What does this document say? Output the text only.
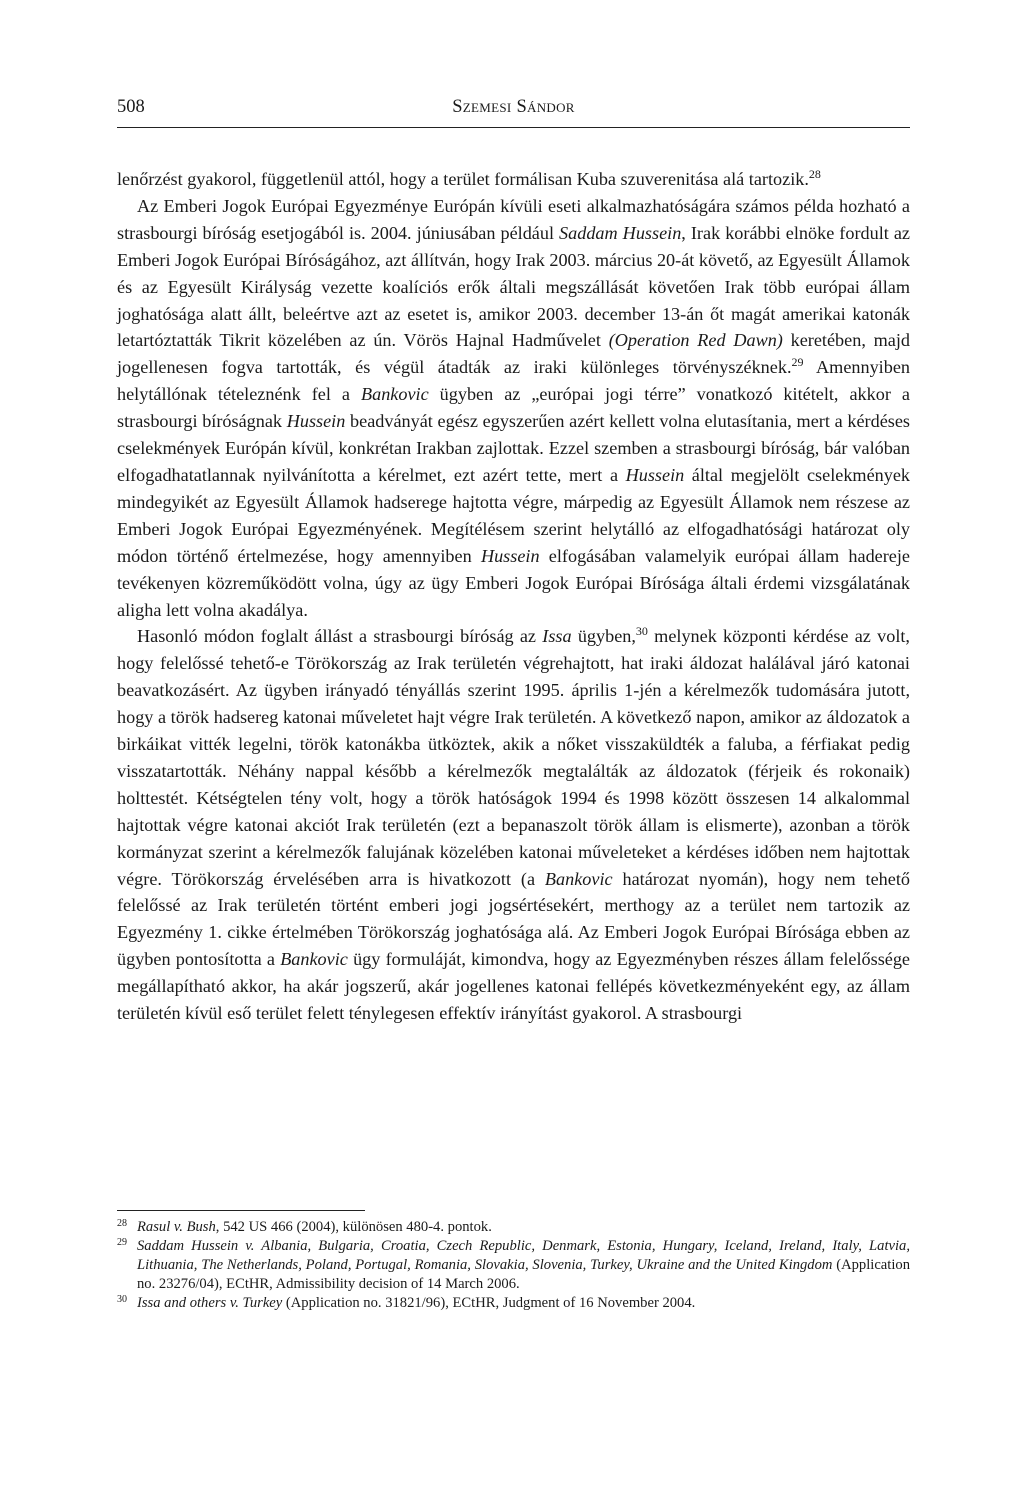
508	Szemesi Sándor

lenőrzést gyakorol, függetlenül attól, hogy a terület formálisan Kuba szuverenitása alá tartozik.$^{28}$

Az Emberi Jogok Európai Egyezménye Európán kívüli eseti alkalmazhatóságára számos példa hozható a strasbourgi bíróság esetjogából is. 2004. júniusában például Saddam Hussein, Irak korábbi elnöke fordult az Emberi Jogok Európai Bíróságához, azt állítván, hogy Irak 2003. március 20-át követő, az Egyesült Államok és az Egyesült Királyság vezette koalíciós erők általi megszállását követően Irak több európai állam joghatósága alatt állt, beleértve azt az esetet is, amikor 2003. december 13-án őt magát amerikai katonák letartóztatták Tikrit közelében az ún. Vörös Hajnal Hadművelet (Operation Red Dawn) keretében, majd jogellenesen fogva tartották, és végül átadták az iraki különleges törvényszéknek.$^{29}$ Amennyiben helytállónak tételeznénk fel a Bankovic ügyben az „európai jogi térre” vonatkozó kitételt, akkor a strasbourgi bíróságnak Hussein beadványát egész egyszerűen azért kellett volna elutasítania, mert a kérdéses cselekmények Európán kívül, konkrétan Irakban zajlottak. Ezzel szemben a strasbourgi bíróság, bár valóban elfogadhatatlannak nyilvánította a kérelmet, ezt azért tette, mert a Hussein által megjelölt cselekmények mindegyikét az Egyesült Államok hadserege hajtotta végre, márpedig az Egyesült Államok nem részese az Emberi Jogok Európai Egyezményének. Megítélésem szerint helytálló az elfogadhatósági határozat oly módon történő értelmezése, hogy amennyiben Hussein elfogásában valamelyik európai állam hadereje tevékenyen közreműködött volna, úgy az ügy Emberi Jogok Európai Bírósága általi érdemi vizsgálatának aligha lett volna akadálya.

Hasonló módon foglalt állást a strasbourgi bíróság az Issa ügyben,$^{30}$ melynek központi kérdése az volt, hogy felelőssé tehető-e Törökország az Irak területén végrehajtott, hat iraki áldozat halálával járó katonai beavatkozásért. Az ügyben irányadó tényállás szerint 1995. április 1-jén a kérelmezők tudomására jutott, hogy a török hadsereg katonai műveletet hajt végre Irak területén. A következő napon, amikor az áldozatok a birkáikat vitték legelni, török katonákba ütköztek, akik a nőket visszaküldték a faluba, a férfiakat pedig visszatartották. Néhány nappal később a kérelmezők megtalálták az áldozatok (férjeik és rokonaik) holttestét. Kétségtelen tény volt, hogy a török hatóságok 1994 és 1998 között összesen 14 alkalommal hajtottak végre katonai akciót Irak területén (ezt a bepanaszolt török állam is elismerte), azonban a török kormányzat szerint a kérelmezők falujának közelében katonai műveleteket a kérdéses időben nem hajtottak végre. Törökország érvelésében arra is hivatkozott (a Bankovic határozat nyomán), hogy nem tehető felelőssé az Irak területén történt emberi jogi jogsértésekért, merthogy az a terület nem tartozik az Egyezmény 1. cikke értelmében Törökország joghatósága alá. Az Emberi Jogok Európai Bírósága ebben az ügyben pontosította a Bankovic ügy formuláját, kimondva, hogy az Egyezményben részes állam felelőssége megállapítható akkor, ha akár jogszerű, akár jogellenes katonai fellépés következményeként egy, az állam területén kívül eső terület felett ténylegesen effektív irányítást gyakorol. A strasbourgi

28 Rasul v. Bush, 542 US 466 (2004), különösen 480-4. pontok.
29 Saddam Hussein v. Albania, Bulgaria, Croatia, Czech Republic, Denmark, Estonia, Hungary, Iceland, Ireland, Italy, Latvia, Lithuania, The Netherlands, Poland, Portugal, Romania, Slovakia, Slovenia, Turkey, Ukraine and the United Kingdom (Application no. 23276/04), ECtHR, Admissibility decision of 14 March 2006.
30 Issa and others v. Turkey (Application no. 31821/96), ECtHR, Judgment of 16 November 2004.
